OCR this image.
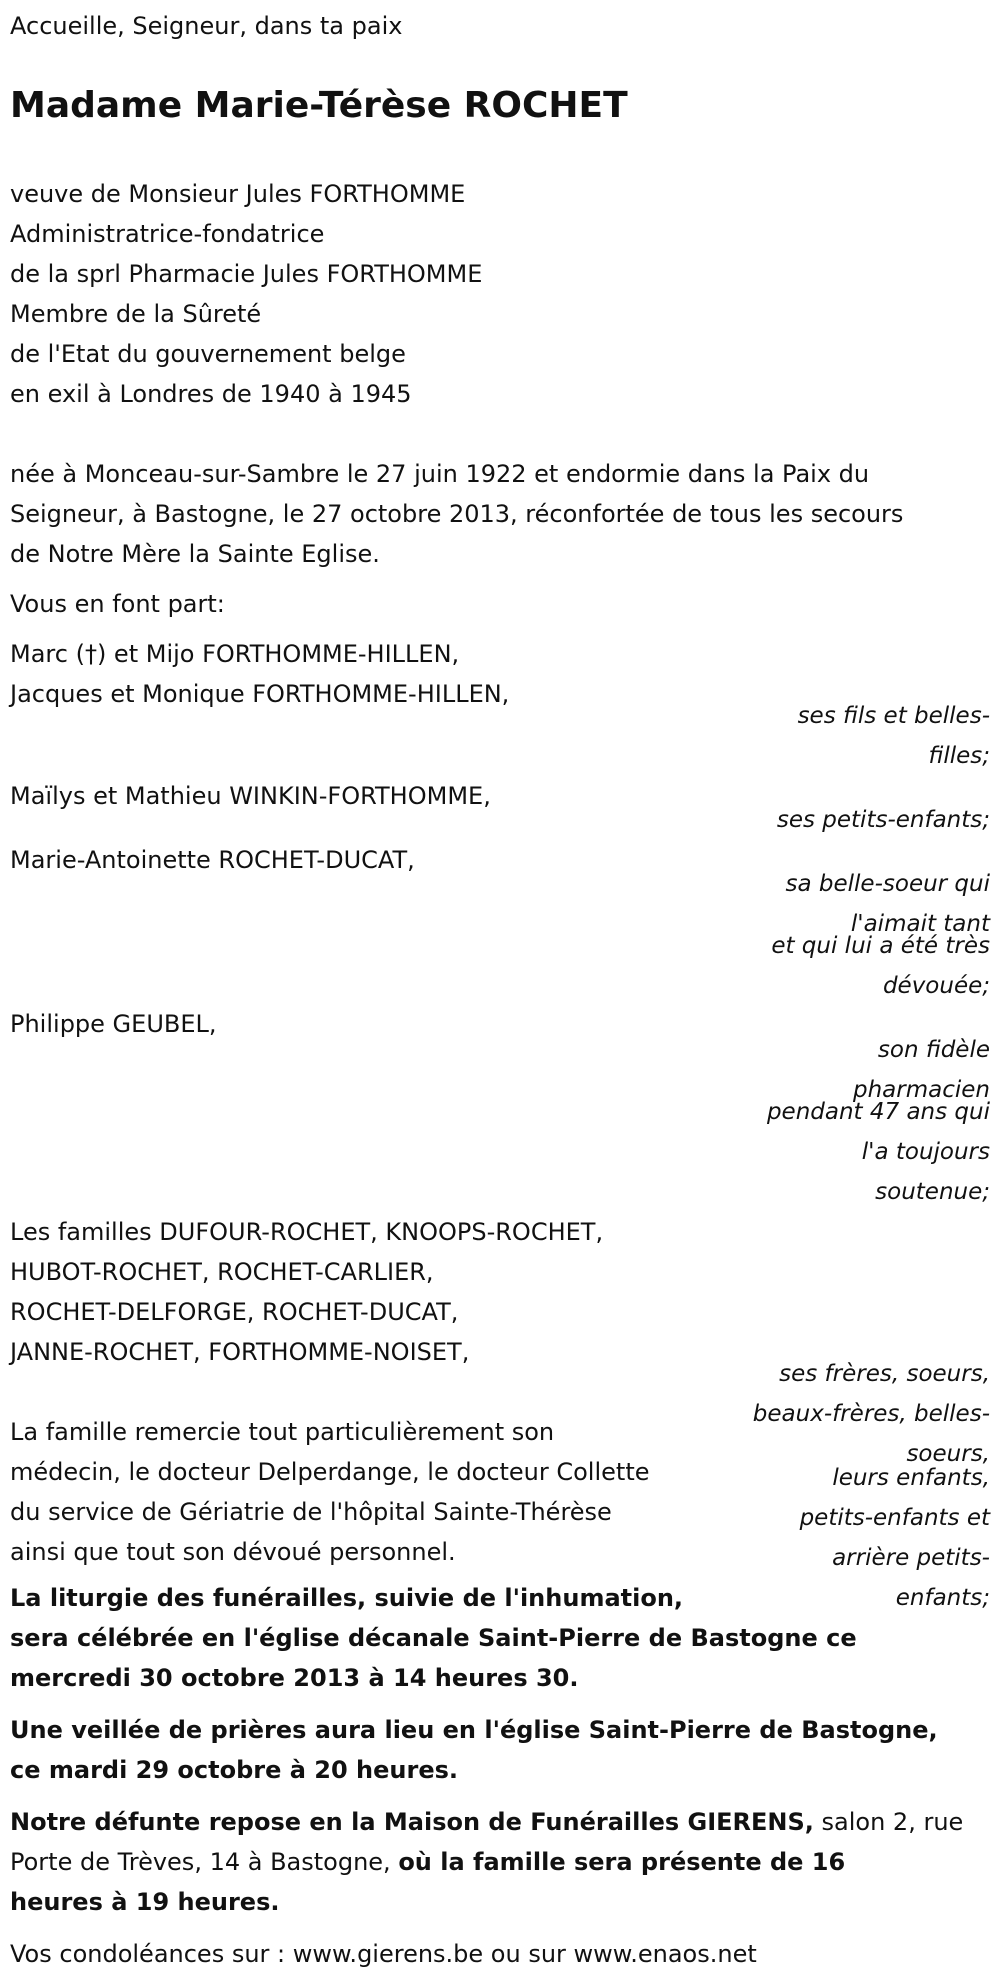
Accueille, Seigneur, dans ta paix
Madame Marie-Térèse ROCHET
veuve de Monsieur Jules FORTHOMME
Administratrice-fondatrice
de la sprl Pharmacie Jules FORTHOMME
Membre de la Sûreté
de l'Etat du gouvernement belge
en exil à Londres de 1940 à 1945
née à Monceau-sur-Sambre le 27 juin 1922 et endormie dans la Paix du
Seigneur, à Bastogne, le 27 octobre 2013, réconfortée de tous les secours
de Notre Mère la Sainte Eglise.
Vous en font part:
Marc (†) et Mijo FORTHOMME-HILLEN,
Jacques et Monique FORTHOMME-HILLEN,
ses fils et belles-
filles;
Maïlys et Mathieu WINKIN-FORTHOMME,
ses petits-enfants;
Marie-Antoinette ROCHET-DUCAT,
sa belle-soeur qui
l'aimait tant
et qui lui a été très
dévouée;
Philippe GEUBEL,
son fidèle
pharmacien
pendant 47 ans qui
l'a toujours
soutenue;
Les familles DUFOUR-ROCHET, KNOOPS-ROCHET,
HUBOT-ROCHET, ROCHET-CARLIER,
ROCHET-DELFORGE, ROCHET-DUCAT,
JANNE-ROCHET, FORTHOMME-NOISET,
ses frères, soeurs,
beaux-frères, belles-
soeurs,
leurs enfants,
petits-enfants et
arrière petits-
enfants;
La famille remercie tout particulièrement son
médecin, le docteur Delperdange, le docteur Collette
du service de Gériatrie de l'hôpital Sainte-Thérèse
ainsi que tout son dévoué personnel.
La liturgie des funérailles, suivie de l'inhumation,
sera célébrée en l'église décanale Saint-Pierre de Bastogne ce
mercredi 30 octobre 2013 à 14 heures 30.
Une veillée de prières aura lieu en l'église Saint-Pierre de Bastogne,
ce mardi 29 octobre à 20 heures.
Notre défunte repose en la Maison de Funérailles GIERENS, salon 2, rue
Porte de Trèves, 14 à Bastogne, où la famille sera présente de 16
heures à 19 heures.
Vos condoléances sur : www.gierens.be ou sur www.enaos.net
